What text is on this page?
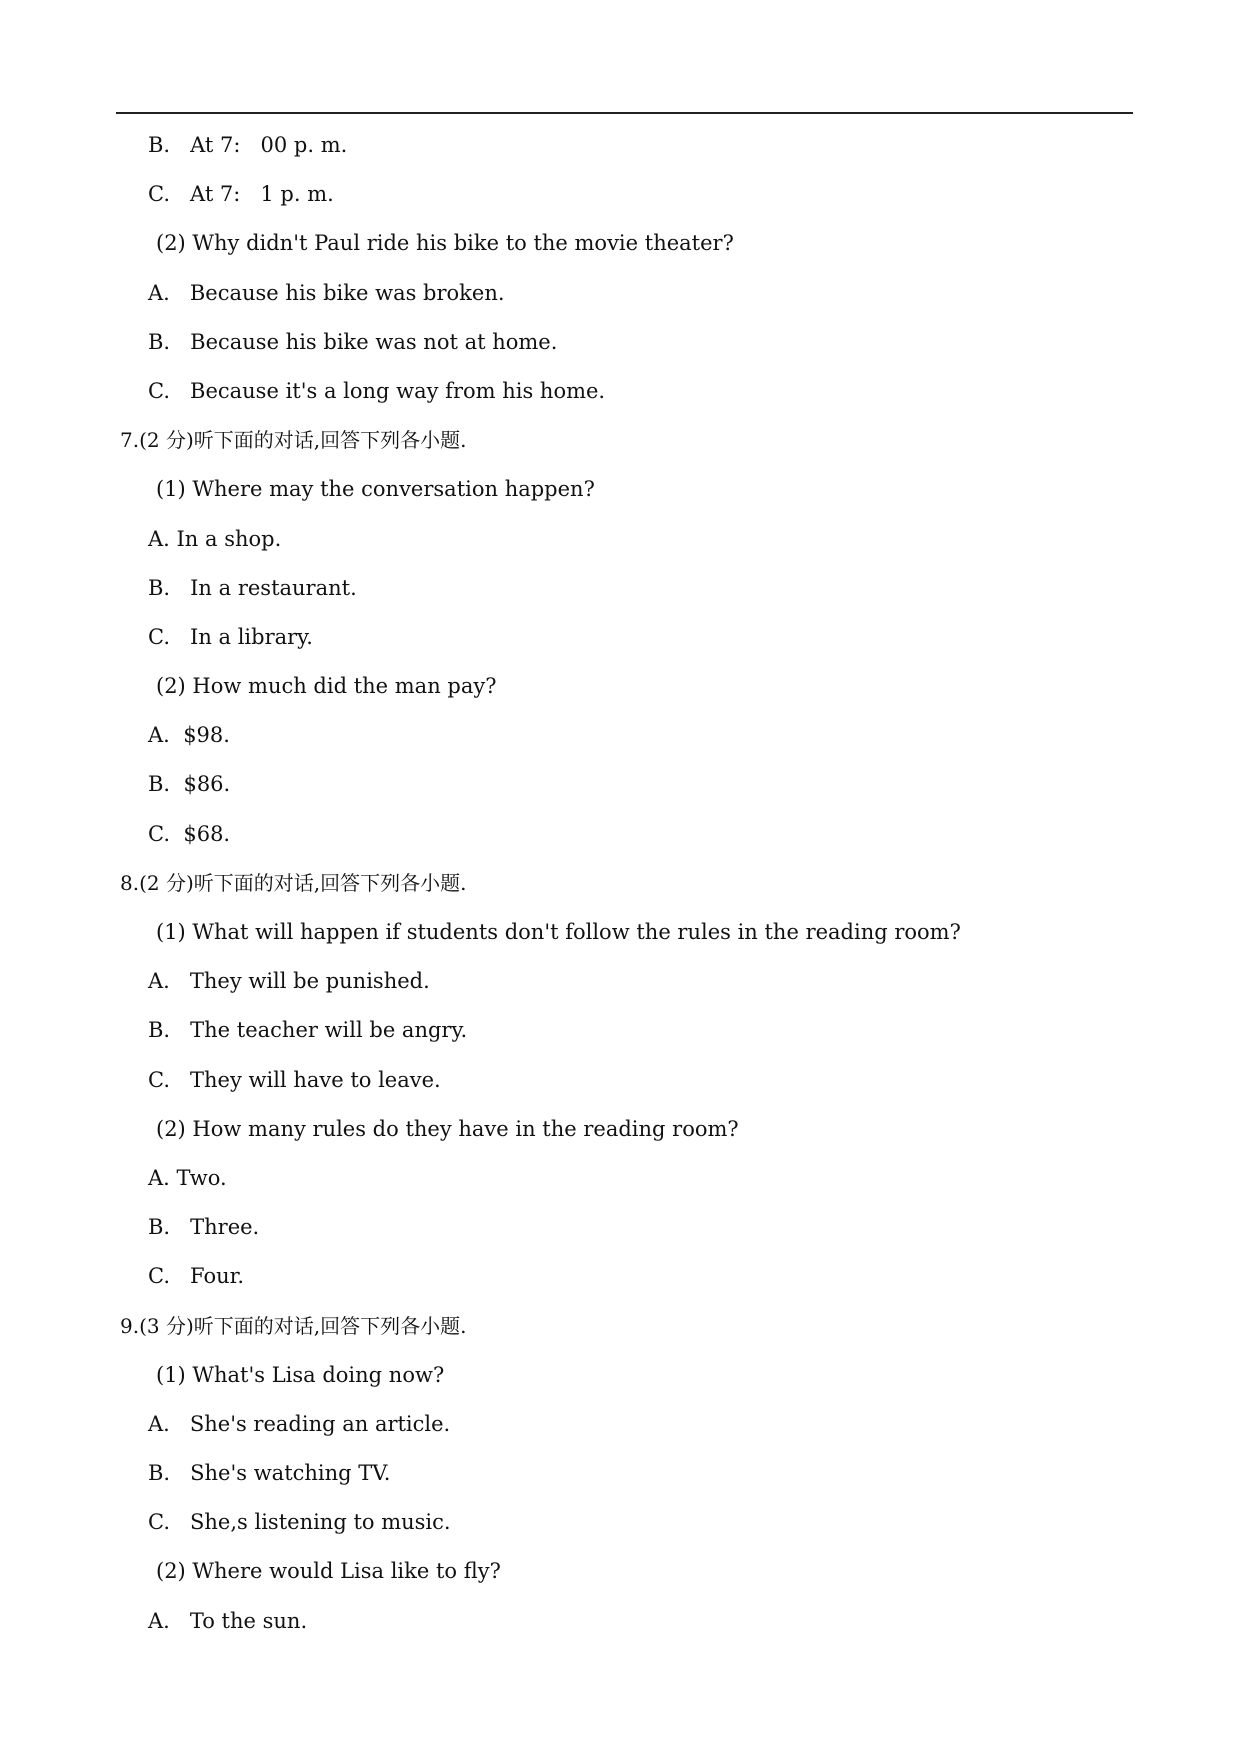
B.   At 7:   00 p. m.
C.   At 7:   1 p. m.
(2) Why didn't Paul ride his bike to the movie theater?
A.   Because his bike was broken.
B.   Because his bike was not at home.
C.   Because it's a long way from his home.
7.(2 分)听下面的对话,回答下列各小题.
(1) Where may the conversation happen?
A. In a shop.
B.   In a restaurant.
C.   In a library.
(2) How much did the man pay?
A.  $98.
B.  $86.
C.  $68.
8.(2 分)听下面的对话,回答下列各小题.
(1) What will happen if students don't follow the rules in the reading room?
A.   They will be punished.
B.   The teacher will be angry.
C.   They will have to leave.
(2) How many rules do they have in the reading room?
A. Two.
B.   Three.
C.   Four.
9.(3 分)听下面的对话,回答下列各小题.
(1) What's Lisa doing now?
A.   She's reading an article.
B.   She's watching TV.
C.   She,s listening to music.
(2) Where would Lisa like to fly?
A.   To the sun.
